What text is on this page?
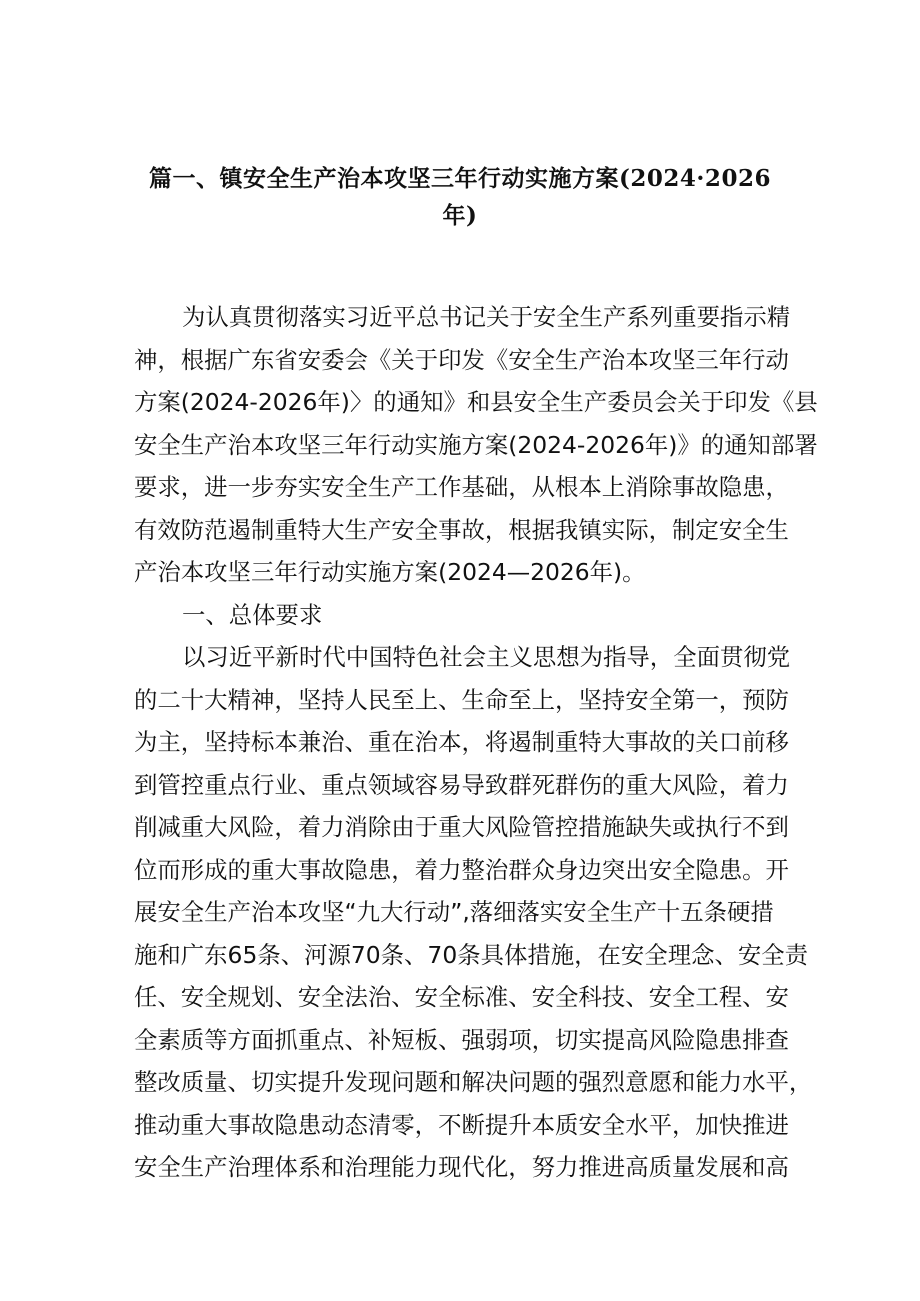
篇一、镇安全生产治本攻坚三年行动实施方案(2024·2026
年)
为认真贯彻落实习近平总书记关于安全生产系列重要指示精
神，根据广东省安委会《关于印发《安全生产治本攻坚三年行动
方案(2024-2026年)〉的通知》和县安全生产委员会关于印发《县
安全生产治本攻坚三年行动实施方案(2024-2026年)》的通知部署
要求，进一步夯实安全生产工作基础，从根本上消除事故隐患，
有效防范遏制重特大生产安全事故，根据我镇实际，制定安全生
产治本攻坚三年行动实施方案(2024—2026年)。
一、总体要求
以习近平新时代中国特色社会主义思想为指导，全面贯彻党
的二十大精神，坚持人民至上、生命至上，坚持安全第一，预防
为主，坚持标本兼治、重在治本，将遏制重特大事故的关口前移
到管控重点行业、重点领域容易导致群死群伤的重大风险，着力
削减重大风险，着力消除由于重大风险管控措施缺失或执行不到
位而形成的重大事故隐患，着力整治群众身边突出安全隐患。开
展安全生产治本攻坚“九大行动”,落细落实安全生产十五条硬措
施和广东65条、河源70条、70条具体措施，在安全理念、安全责
任、安全规划、安全法治、安全标准、安全科技、安全工程、安
全素质等方面抓重点、补短板、强弱项，切实提高风险隐患排查
整改质量、切实提升发现问题和解决问题的强烈意愿和能力水平，
推动重大事故隐患动态清零，不断提升本质安全水平，加快推进
安全生产治理体系和治理能力现代化，努力推进高质量发展和高
